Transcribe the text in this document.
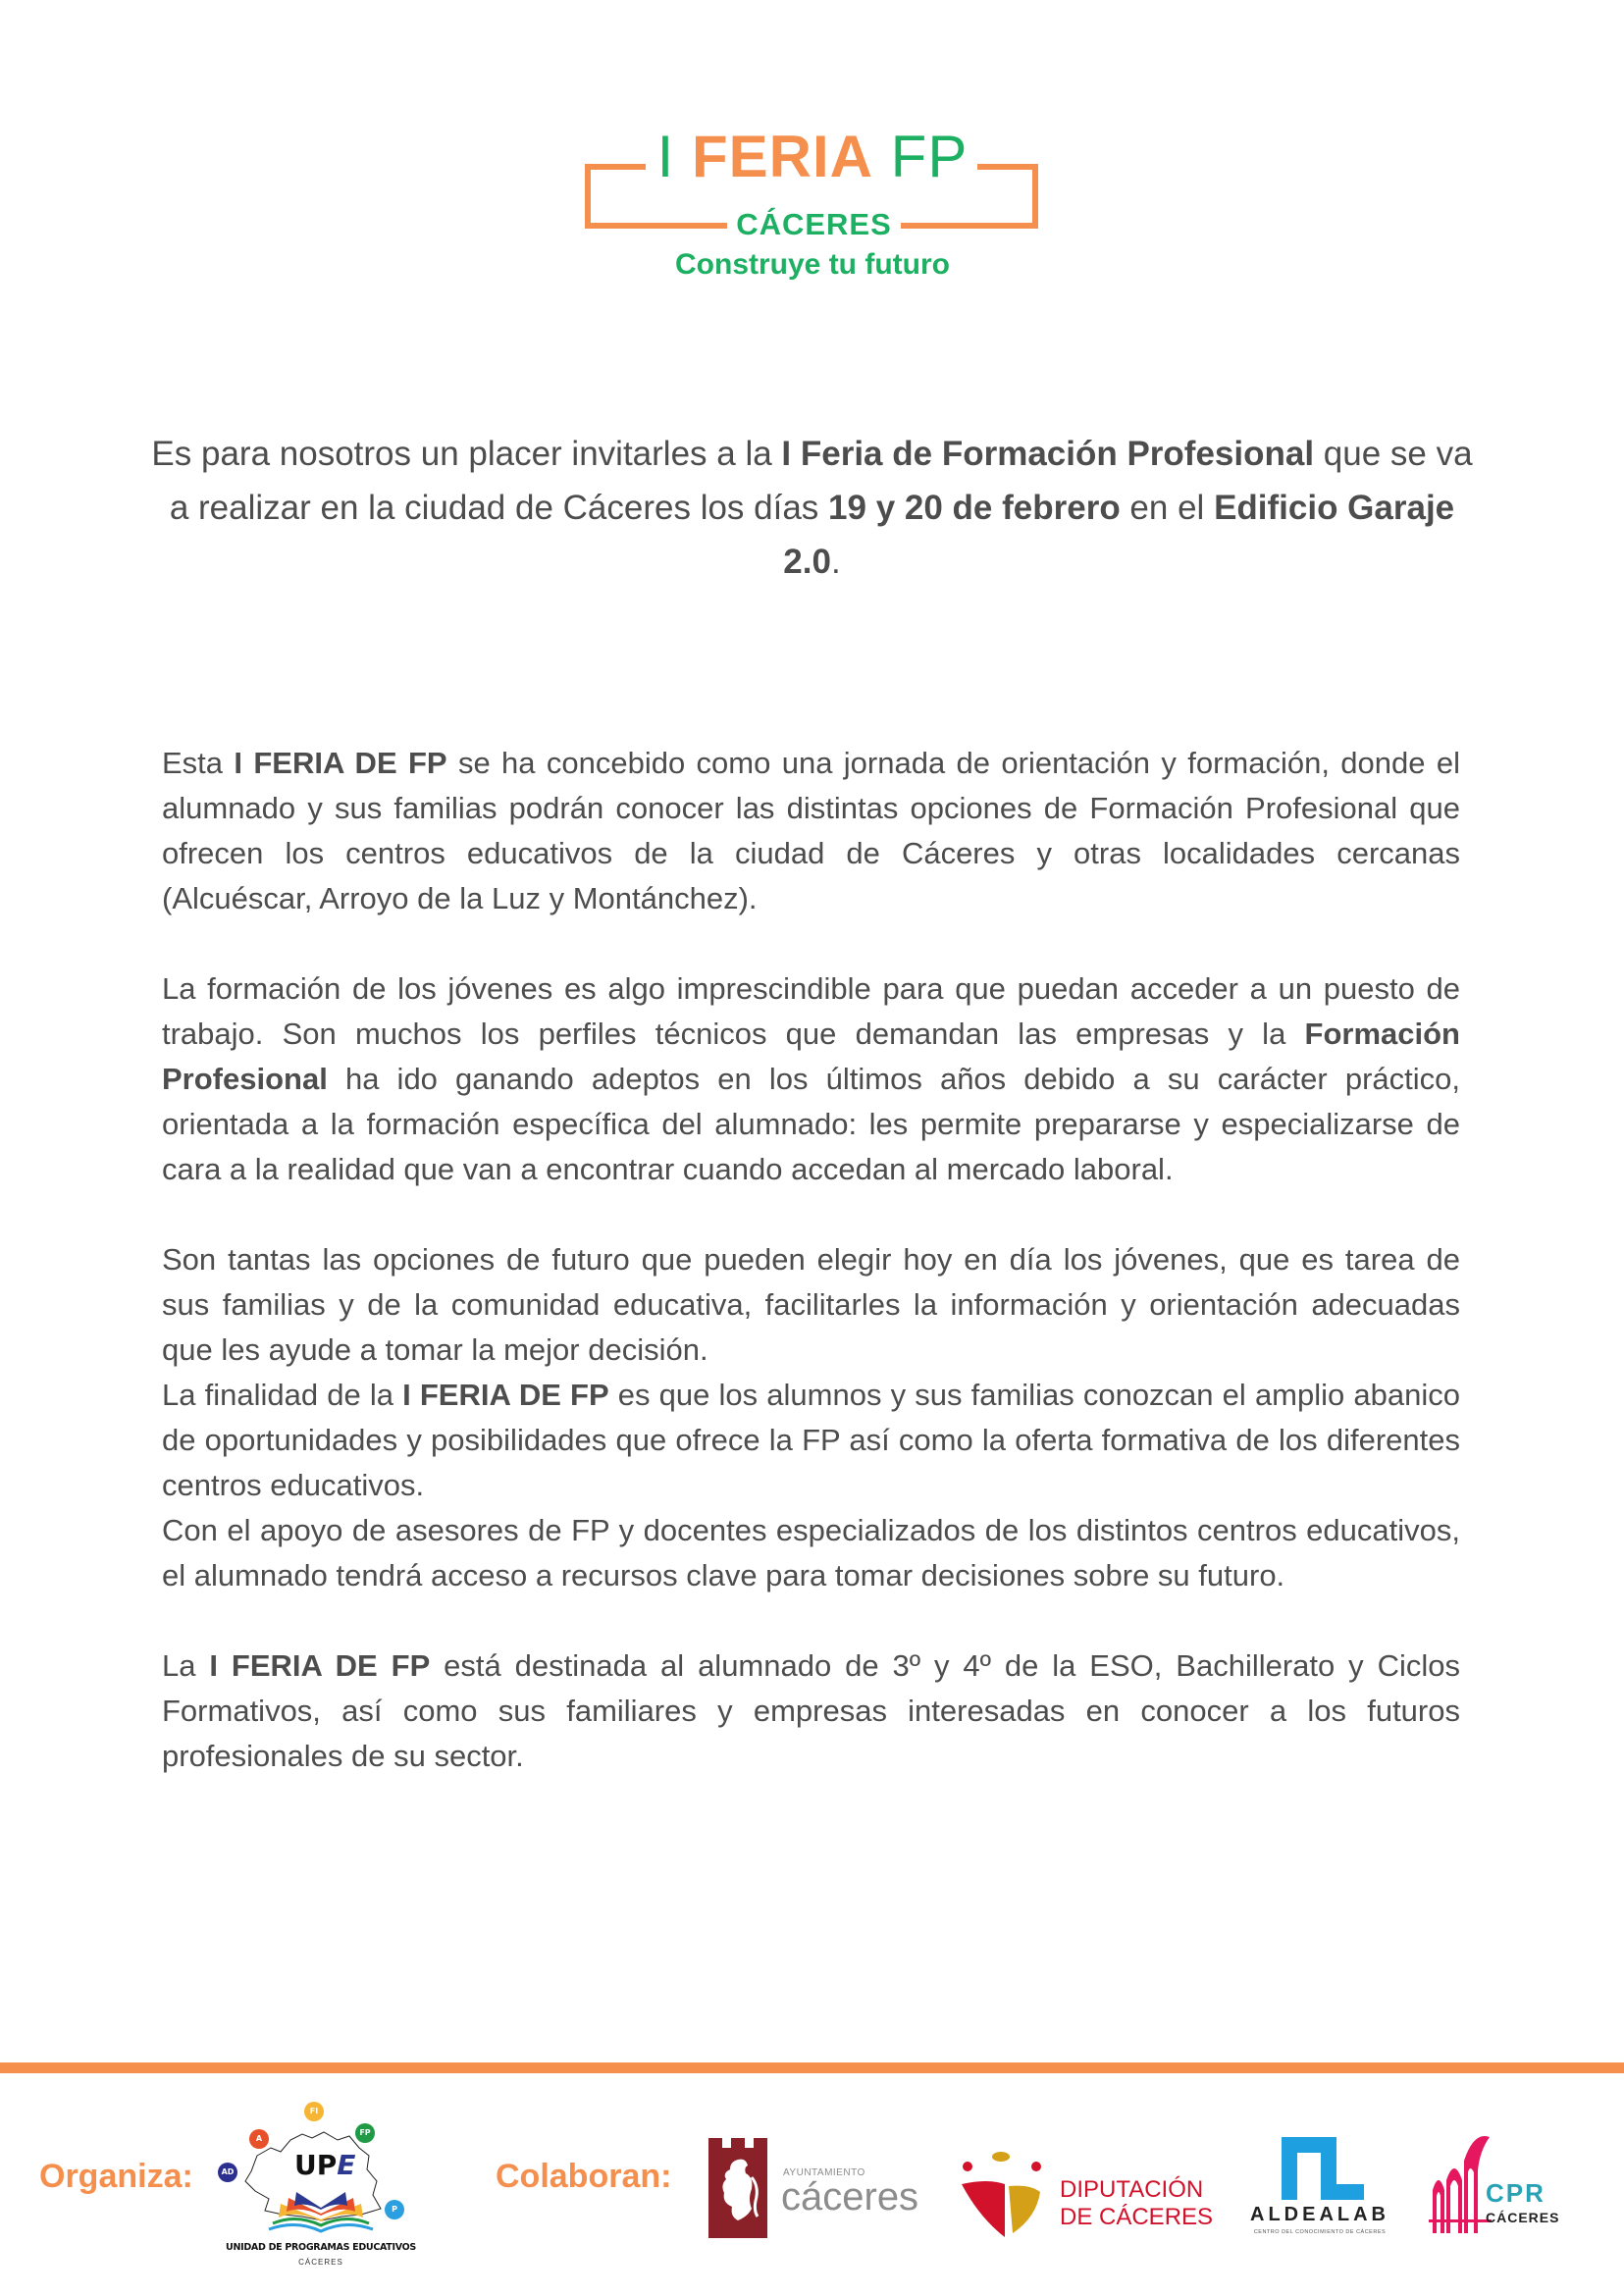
I FERIA FP
CÁCERES
Construye tu futuro
Es para nosotros un placer invitarles a la I Feria de Formación Profesional que se va a realizar en la ciudad de Cáceres los días 19 y 20 de febrero en el Edificio Garaje 2.0.

Esta I FERIA DE FP se ha concebido como una jornada de orientación y formación, donde el alumnado y sus familias podrán conocer las distintas opciones de Formación Profesional que ofrecen los centros educativos de la ciudad de Cáceres y otras localidades cercanas (Alcuéscar, Arroyo de la Luz y Montánchez).

La formación de los jóvenes es algo imprescindible para que puedan acceder a un puesto de trabajo. Son muchos los perfiles técnicos que demandan las empresas y la Formación Profesional ha ido ganando adeptos en los últimos años debido a su carácter práctico, orientada a la formación específica del alumnado: les permite prepararse y especializarse de cara a la realidad que van a encontrar cuando accedan al mercado laboral.

Son tantas las opciones de futuro que pueden elegir hoy en día los jóvenes, que es tarea de sus familias y de la comunidad educativa, facilitarles la información y orientación adecuadas que les ayude a tomar la mejor decisión.

La finalidad de la I FERIA DE FP es que los alumnos y sus familias conozcan el amplio abanico de oportunidades y posibilidades que ofrece la FP así como la oferta formativa de los diferentes centros educativos.

Con el apoyo de asesores de FP y docentes especializados de los distintos centros educativos, el alumnado tendrá acceso a recursos clave para tomar decisiones sobre su futuro.

La I FERIA DE FP está destinada al alumnado de 3º y 4º de la ESO, Bachillerato y Ciclos Formativos, así como sus familiares y empresas interesadas en conocer a los futuros profesionales de su sector.

Organiza:	AD
A
FI
FP
P
UPE
UNIDAD DE PROGRAMAS EDUCATIVOS
CÁCERES
Colaboran:	AYUNTAMIENTO
cáceres	DIPUTACIÓN
DE CÁCERES ALDEALAB
CENTRO DEL CONOCIMIENTO DE CÁCERES
CPR
CÁCERES
